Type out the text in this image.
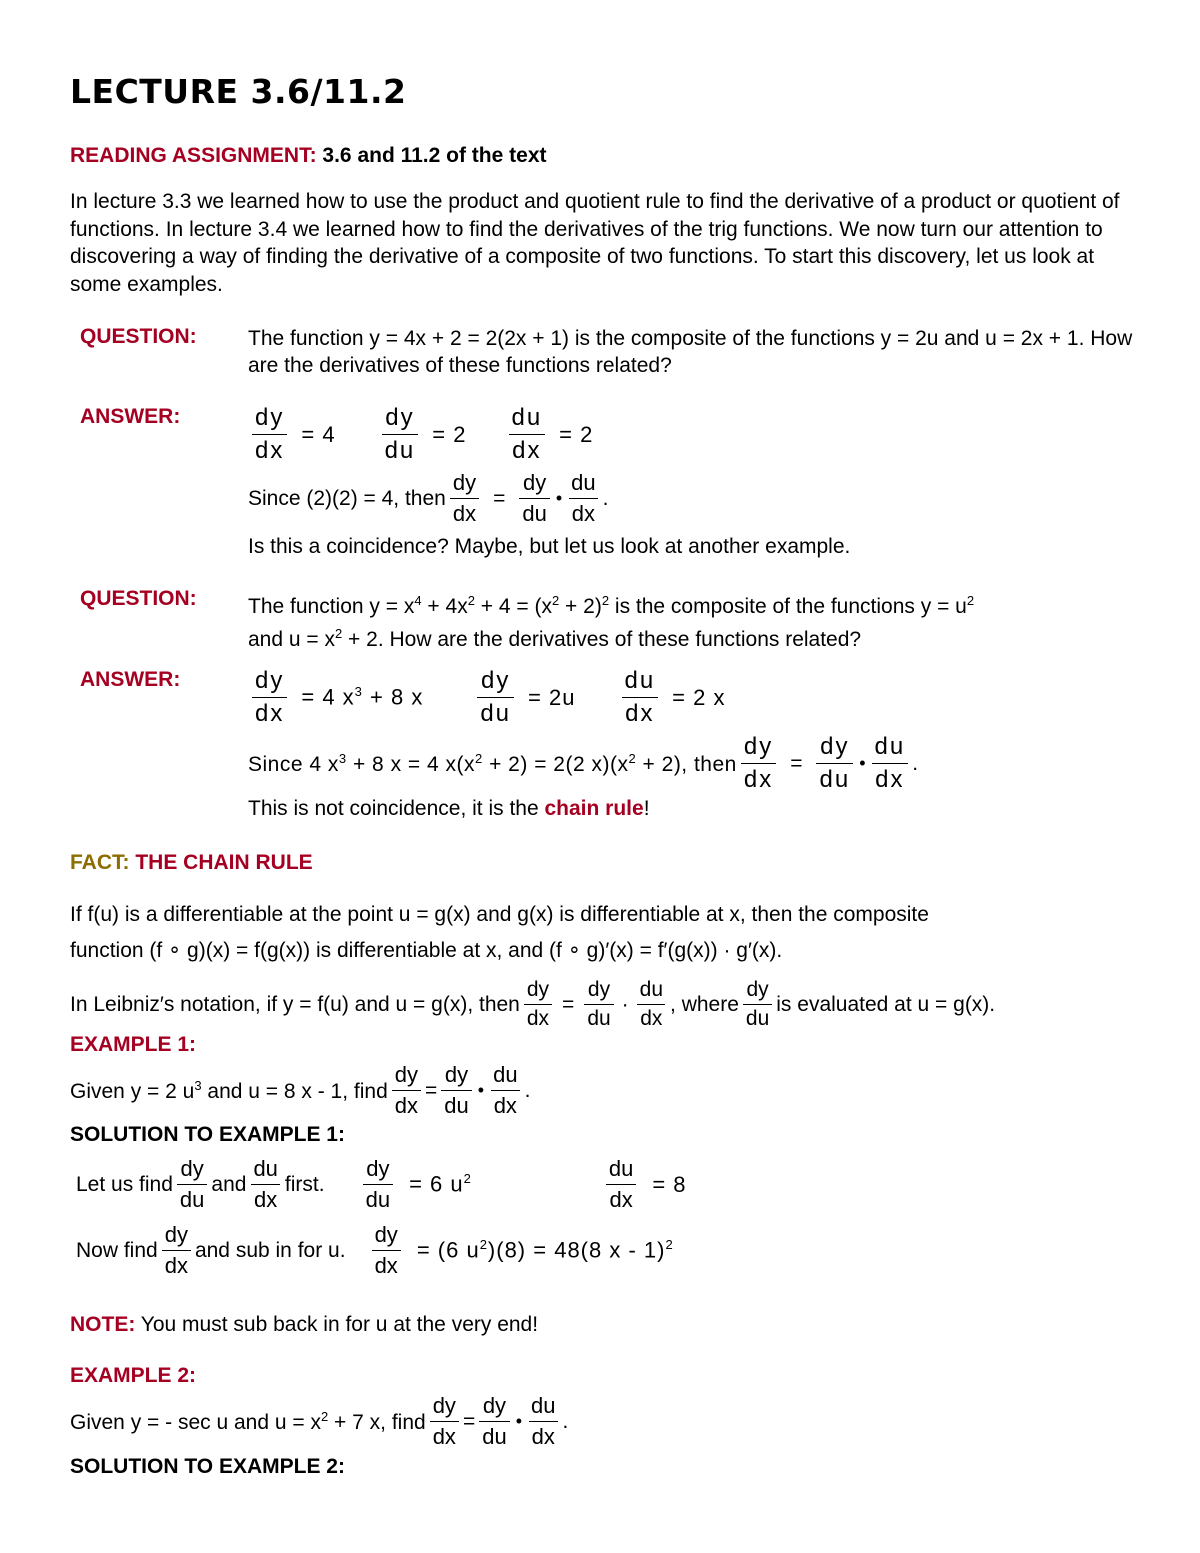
LECTURE 3.6/11.2
READING ASSIGNMENT: 3.6 and 11.2 of the text
In lecture 3.3 we learned how to use the product and quotient rule to find the derivative of a product or quotient of functions. In lecture 3.4 we learned how to find the derivatives of the trig functions. We now turn our attention to discovering a way of finding the derivative of a composite of two functions. To start this discovery, let us look at some examples.
QUESTION: The function y = 4x + 2 = 2(2x + 1) is the composite of the functions y = 2u and u = 2x + 1. How are the derivatives of these functions related?
ANSWER:	$\frac{dy}{dx} = 4 \frac{dy}{du} = 2 \frac{du}{dx} = 2$
Since (2)(2) = 4, then $\frac{dy}{dx} = \frac{dy}{du}$ • $\frac{du}{dx}$ .
Is this a coincidence? Maybe, but let us look at another example.
QUESTION: The function $y = x^4 + 4x^2 + 4 = (x^2 + 2)^2$ is the composite of the functions $y = u^2$
and $u = x^2 + 2$. How are the derivatives of these functions related?
ANSWER:	$\frac{dy}{dx} = 4$ $x^3 + 8$ x $\frac{dy}{du} = 2u \frac{du}{dx} = 2$ x
Since 4 $x^3 + 8$ x = 4 $x(x^2 + 2) = 2(2$ $x)(x^2 + 2)$, then $\frac{dy}{dx} = \frac{dy}{du}$ • $\frac{du}{dx}$ .
This is not coincidence, it is the chain rule!
FACT: THE CHAIN RULE
If f(u) is a differentiable at the point u = g(x) and g(x) is differentiable at x, then the composite
function (f ∘ g)(x) = f(g(x)) is differentiable at x, and (f ∘ g)′(x) = f′(g(x)) · g′(x).
In Leibniz′s notation, if y = f(u) and u = g(x), then $\frac{dy}{dx} = \frac{dy}{du} \cdot \frac{du}{dx}$ , where $\frac{dy}{du}$ is evaluated at u = g(x).
EXAMPLE 1:
Given y = 2 $u^3$ and u = 8 x - 1, find $\frac{dy}{dx} = \frac{dy}{du}$ • $\frac{du}{dx}$ .
SOLUTION TO EXAMPLE 1:
Let us find $\frac{dy}{du}$ and $\frac{du}{dx}$ first. $\frac{dy}{du} = 6$ $u^2$	$\frac{du}{dx} = 8$
Now find $\frac{dy}{dx}$ and sub in for u. $\frac{dy}{dx} = (6$ $u^2)(8) = 48(8$ x - 1)$^2$
NOTE: You must sub back in for u at the very end!
EXAMPLE 2:
Given y = - sec u and $u = x^2 + 7$ x, find $\frac{dy}{dx} = \frac{dy}{du}$ • $\frac{du}{dx}$ .
SOLUTION TO EXAMPLE 2:
